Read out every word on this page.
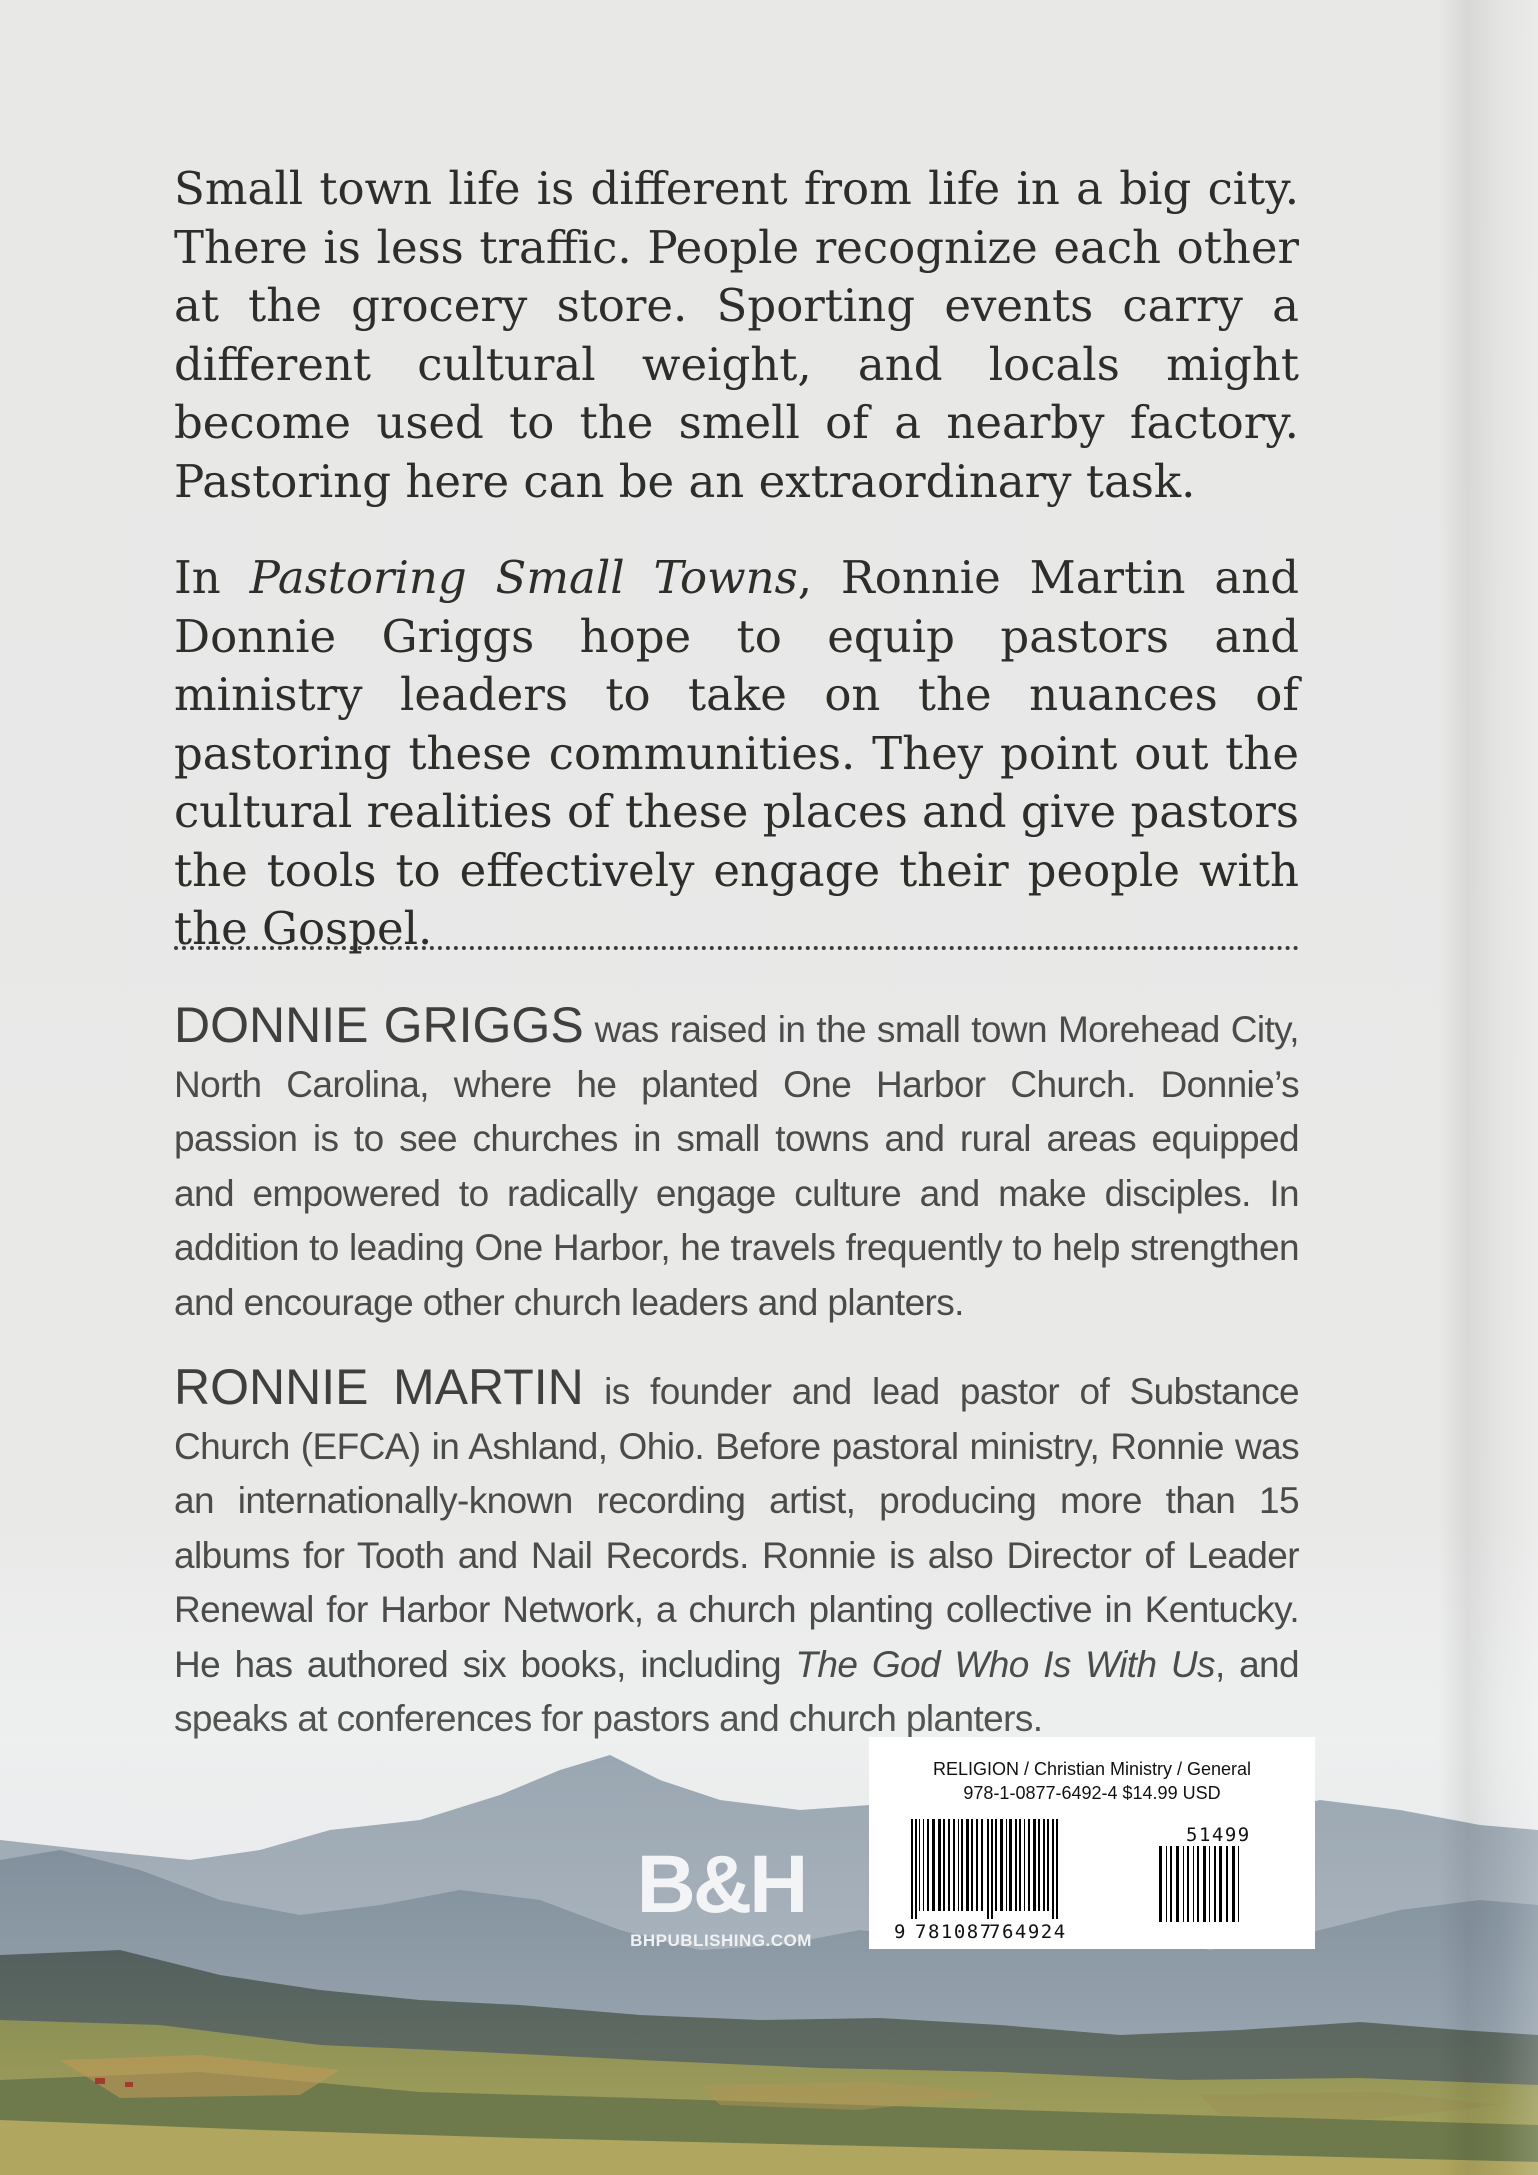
Small town life is different from life in a big city. There is less traffic. People recognize each other at the grocery store. Sporting events carry a different cultural weight, and locals might become used to the smell of a nearby factory. Pastoring here can be an extraordinary task.

In Pastoring Small Towns, Ronnie Martin and Donnie Griggs hope to equip pastors and ministry leaders to take on the nuances of pastoring these communities. They point out the cultural realities of these places and give pastors the tools to effectively engage their people with the Gospel.

DONNIE GRIGGS was raised in the small town Morehead City, North Carolina, where he planted One Harbor Church. Donnie’s passion is to see churches in small towns and rural areas equipped and empowered to radically engage culture and make disciples. In addition to leading One Harbor, he travels frequently to help strengthen and encourage other church leaders and planters.

RONNIE MARTIN is founder and lead pastor of Substance Church (EFCA) in Ashland, Ohio. Before pastoral ministry, Ronnie was an internationally-known recording artist, producing more than 15 albums for Tooth and Nail Records. Ronnie is also Director of Leader Renewal for Harbor Network, a church planting collective in Kentucky. He has authored six books, including The God Who Is With Us, and

B&H
BHPUBLISHING.COM

RELIGION / Christian Ministry / General

978-1-0877-6492-4 $14.99 USD

9 781087
764924
51499
